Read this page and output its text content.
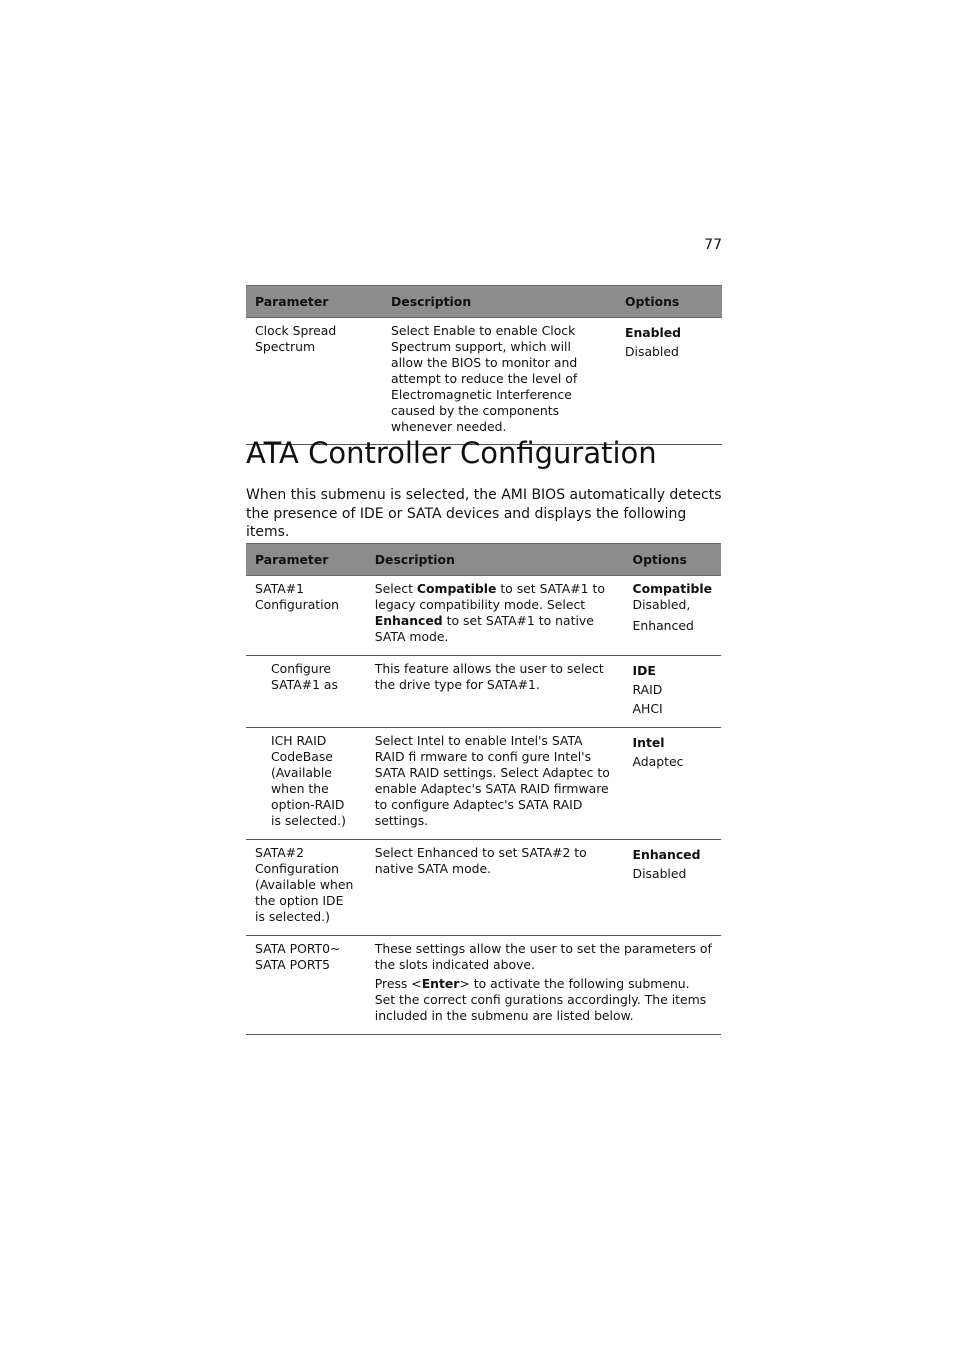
77
Parameter	Description	Options
Clock Spread Spectrum	Select Enable to enable Clock Spectrum support, which will allow the BIOS to monitor and attempt to reduce the level of Electromagnetic Interference caused by the components whenever needed.	Enabled
Disabled
ATA Controller Configuration

When this submenu is selected, the AMI BIOS automatically detects the presence of IDE or SATA devices and displays the following items.

Parameter	Description	Options
SATA#1 Configuration	Select Compatible to set SATA#1 to legacy compatibility mode. Select Enhanced to set SATA#1 to native SATA mode.	Compatible
Disabled,
Enhanced

Configure SATA#1 as	This feature allows the user to select the drive type for SATA#1.	IDE
RAID
AHCI

ICH RAID CodeBase (Available when the option-RAID is selected.)	Select Intel to enable Intel's SATA RAID fi rmware to confi gure Intel's SATA RAID settings. Select Adaptec to enable Adaptec's SATA RAID firmware to configure Adaptec's SATA RAID settings.	Intel
Adaptec

SATA#2 Configuration (Available when the option IDE is selected.)	Select Enhanced to set SATA#2 to native SATA mode.	Enhanced
Disabled

SATA PORT0~ SATA PORT5	These settings allow the user to set the parameters of the slots indicated above.

Press <Enter> to activate the following submenu. Set the correct confi gurations accordingly. The items included in the submenu are listed below.	
